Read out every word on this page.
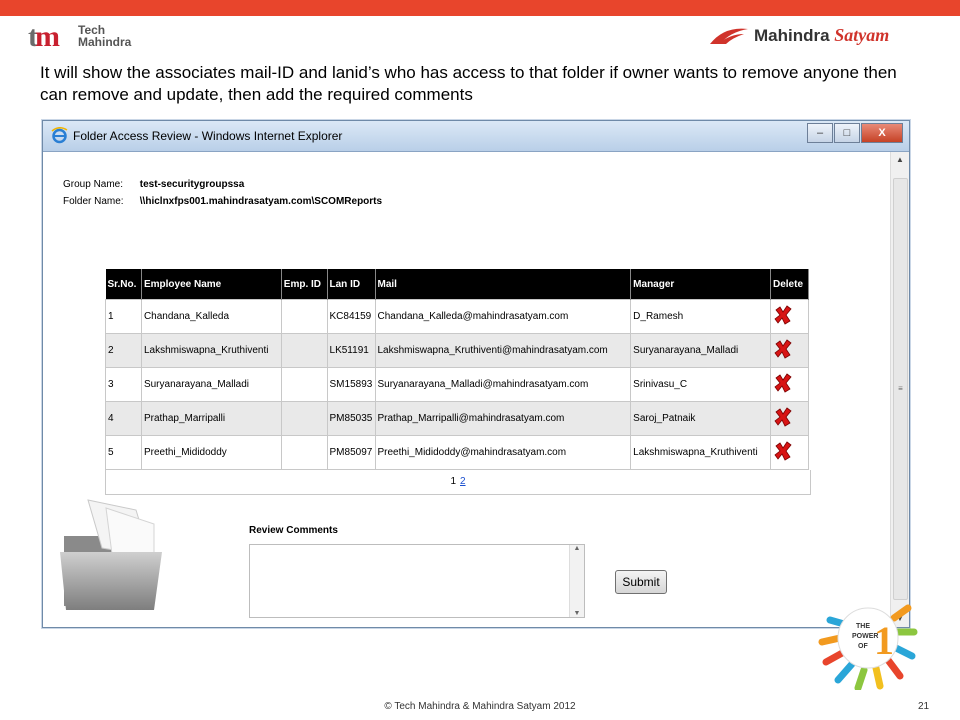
tm Tech
Mahindra	Mahindra Satyam
It will show the associates mail-ID and lanid’s who has access to that folder if owner wants to remove anyone then can remove and update, then add the required comments
Folder Access Review - Windows Internet Explorer	–	□	X
Group Name: test-securitygroupssa
Folder Name: \\hiclnxfps001.mahindrasatyam.com\SCOMReports
Sr.No.	Employee Name	Emp. ID	Lan ID	Mail	Manager	Delete
1	Chandana_Kalleda		KC84159	Chandana_Kalleda@mahindrasatyam.com	D_Ramesh	
2	Lakshmiswapna_Kruthiventi		LK51191	Lakshmiswapna_Kruthiventi@mahindrasatyam.com	Suryanarayana_Malladi	
3	Suryanarayana_Malladi		SM15893	Suryanarayana_Malladi@mahindrasatyam.com	Srinivasu_C	
4	Prathap_Marripalli		PM85035	Prathap_Marripalli@mahindrasatyam.com	Saroj_Patnaik	
5	Preethi_Mididoddy		PM85097	Preethi_Mididoddy@mahindrasatyam.com	Lakshmiswapna_Kruthiventi	
1 2
Review Comments
▲
▼
Submit
▲
≡
▼
THE
POWER
OF 1
© Tech Mahindra & Mahindra Satyam 2012	21
